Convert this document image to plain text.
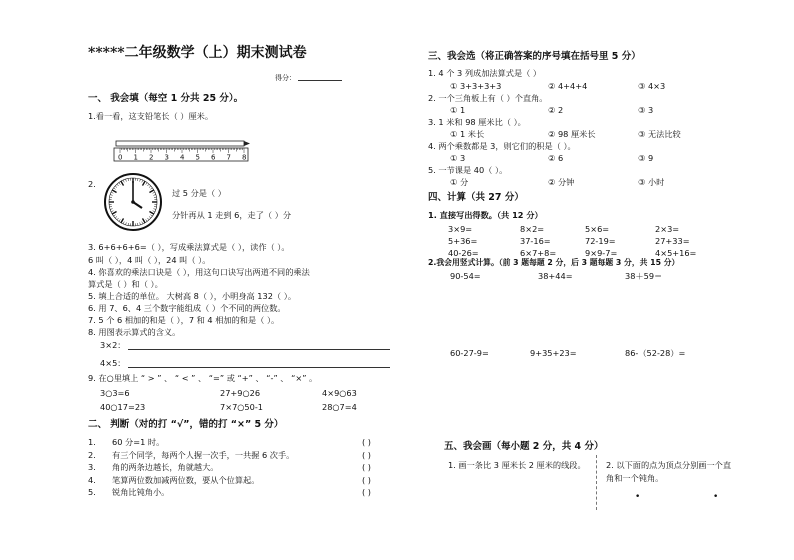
*****二年级数学（上）期末测试卷
得分：
一、 我会填（每空 1 分共 25 分）。
1.看一看，这支铅笔长（ ）厘米。
0 1 2 3 4 5 6 7 8
2.
过 5 分是（ ）
分针再从 1 走到 6，走了（ ）分
3. 6+6+6+6=（ ），写成乘法算式是（ ），读作（ ）。
6 叫（ ），4 叫（ ），24 叫（ ）。
4. 你喜欢的乘法口诀是（ ），用这句口诀写出两道不同的乘法
算式是（ ）和（ ）。
5. 填上合适的单位。 大树高 8（ ），小明身高 132（ ）。
6. 用 7、6、4 三个数字能组成（ ）个不同的两位数。
7. 5 个 6 相加的和是（ ），7 和 4 相加的和是（ ）。
8. 用图表示算式的含义。
3×2：
4×5：
9. 在○里填上 “ > ” 、 “ < ” 、 “=” 或 “+” 、 “-” 、 “×” 。
3○3=6	27+9○26	4×9○63
40○17=23	7×7○50-1	28○7=4
二、 判断（对的打 “√”，错的打 “×” 5 分）
1. 60 分=1 时。	( )
2. 有三个同学，每两个人握一次手，一共握 6 次手。	( )
3. 角的两条边越长，角就越大。	( )
4. 笔算两位数加减两位数，要从个位算起。	( )
5. 锐角比钝角小。	( )
三、我会选（将正确答案的序号填在括号里 5 分）
1. 4 个 3 列成加法算式是（ ）
① 3+3+3+3	② 4+4+4	③ 4×3
2. 一个三角板上有（ ）个直角。
① 1	② 2	③ 3
3. 1 米和 98 厘米比（ ）。
① 1 米长	② 98 厘米长	③ 无法比较
4. 两个乘数都是 3，则它们的积是（ ）。
① 3	② 6	③ 9
5. 一节课是 40（ ）。
① 分	② 分钟	③ 小时
四、计算（共 27 分）
1. 直接写出得数。（共 12 分）
3×9=	8×2=	5×6=	2×3=
5+36=	37-16=	72-19=	27+33=
40-26=	6×7+8=	9×9-7=	4×5+16=
2.我会用竖式计算。（前 3 题每题 2 分，后 3 题每题 3 分，共 15 分）
90-54=	38+44=	38＋59＝
60-27-9=	9+35+23=	86-（52-28）=
五、我会画（每小题 2 分，共 4 分）
1. 画一条比 3 厘米长 2 厘米的线段。 2. 以下面的点为顶点分别画一个直
角和一个钝角。
•	•
